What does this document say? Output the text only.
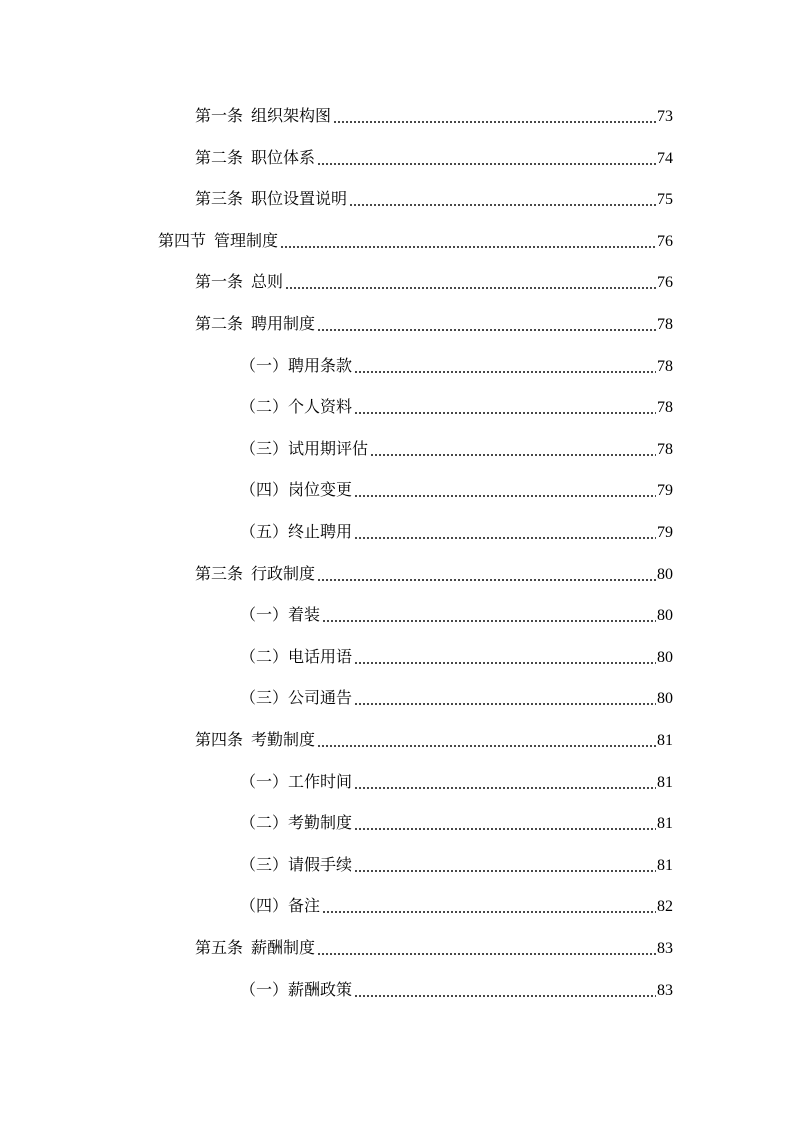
第一条  组织架构图	73
第二条  职位体系	74
第三条  职位设置说明	75
第四节  管理制度	76
第一条  总则	76
第二条  聘用制度	78
（一）聘用条款	78
（二）个人资料	78
（三）试用期评估	78
（四）岗位变更	79
（五）终止聘用	79
第三条  行政制度	80
（一）着装	80
（二）电话用语	80
（三）公司通告	80
第四条  考勤制度	81
（一）工作时间	81
（二）考勤制度	81
（三）请假手续	81
（四）备注	82
第五条  薪酬制度	83
（一）薪酬政策	83
